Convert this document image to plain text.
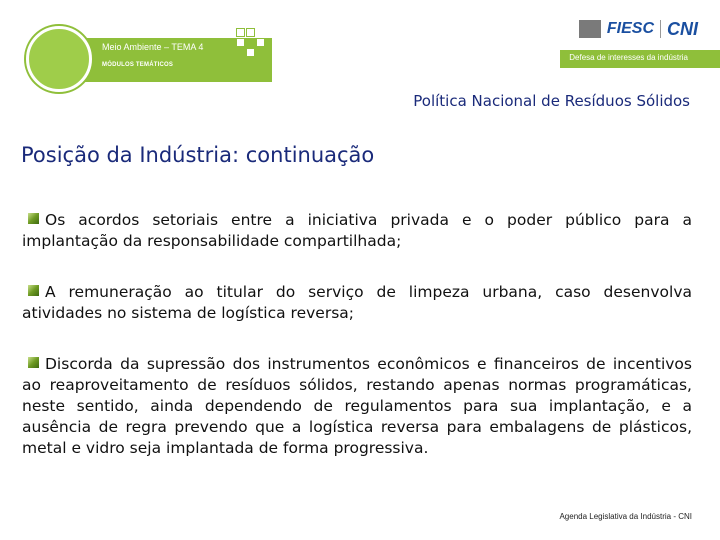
Meio Ambiente – TEMA 4
MÓDULOS TEMÁTICOS
FIESC CNI
Defesa de interesses da indústria
Política Nacional de Resíduos Sólidos
Posição da Indústria: continuação

Os acordos setoriais entre a iniciativa privada e o poder público para a implantação da responsabilidade compartilhada;

A remuneração ao titular do serviço de limpeza urbana, caso desenvolva atividades no sistema de logística reversa;

Discorda da supressão dos instrumentos econômicos e financeiros de incentivos ao reaproveitamento de resíduos sólidos, restando apenas normas programáticas, neste sentido, ainda dependendo de regulamentos para sua implantação, e a ausência de regra prevendo que a logística reversa para embalagens de plásticos, metal e vidro seja implantada de forma progressiva.

Agenda Legislativa da Indústria - CNI
